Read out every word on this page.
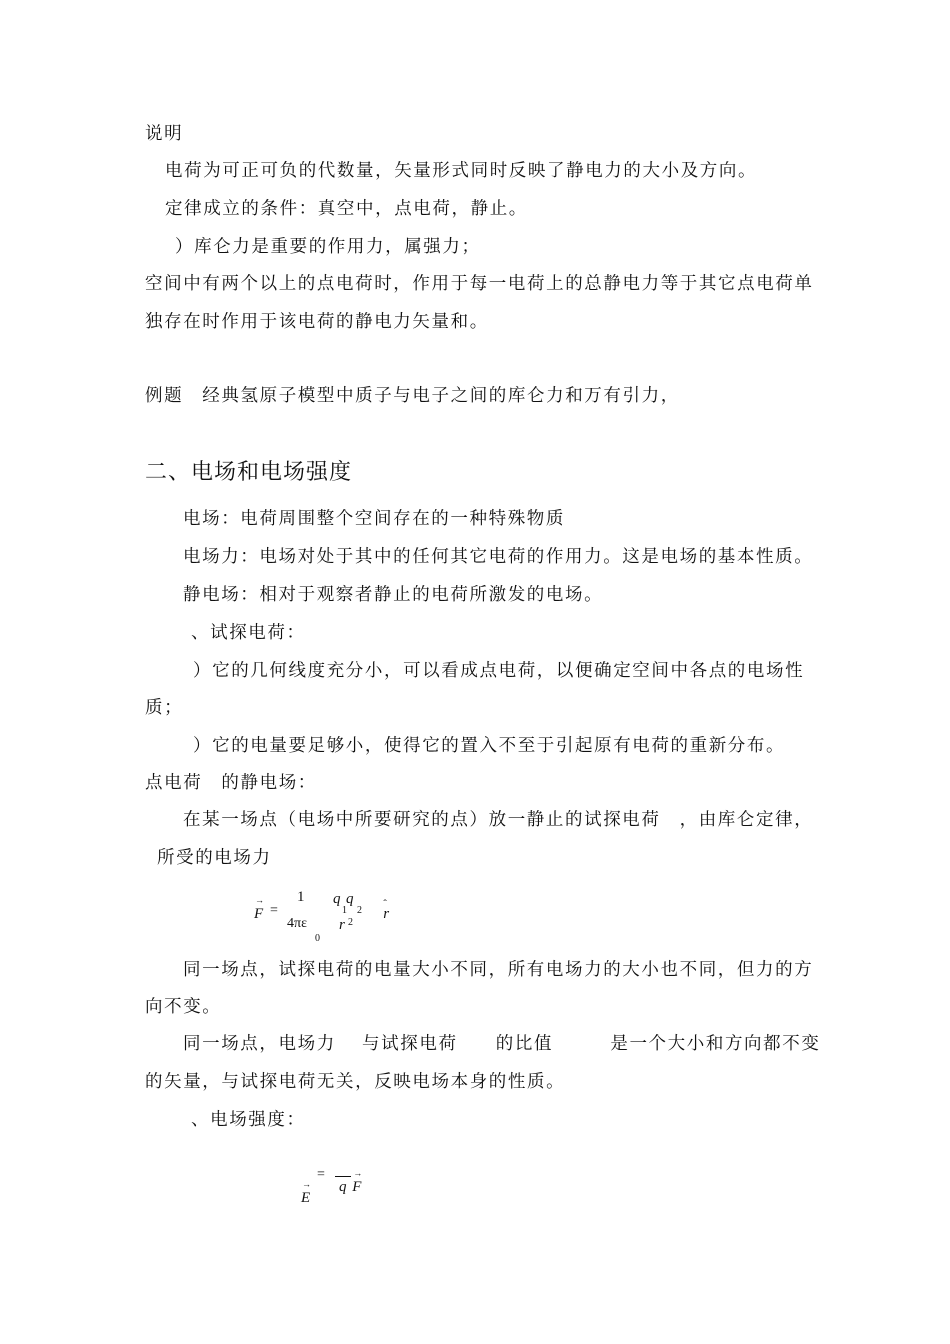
说明
电荷为可正可负的代数量，矢量形式同时反映了静电力的大小及方向。
定律成立的条件：真空中，点电荷，静止。
）库仑力是重要的作用力，属强力；
空间中有两个以上的点电荷时，作用于每一电荷上的总静电力等于其它点电荷单
独存在时作用于该电荷的静电力矢量和。
例题　经典氢原子模型中质子与电子之间的库仑力和万有引力，
二、电场和电场强度
电场：电荷周围整个空间存在的一种特殊物质
电场力：电场对处于其中的任何其它电荷的作用力。这是电场的基本性质。
静电场：相对于观察者静止的电荷所激发的电场。
、试探电荷：
）它的几何线度充分小，可以看成点电荷，以便确定空间中各点的电场性
质；
）它的电量要足够小，使得它的置入不至于引起原有电荷的重新分布。
点电荷　的静电场：
在某一场点（电场中所要研究的点）放一静止的试探电荷　，由库仑定律，
所受的电场力
→ F =
1
4πε
0
q
1
q
2
r 2
ˆ r
同一场点，试探电荷的电量大小不同，所有电场力的大小也不同，但力的方
向不变。
同一场点，电场力　 与试探电荷　　的比值　　　是一个大小和方向都不变
的矢量，与试探电荷无关，反映电场本身的性质。
、电场强度：
→ E
=
→ F
q
